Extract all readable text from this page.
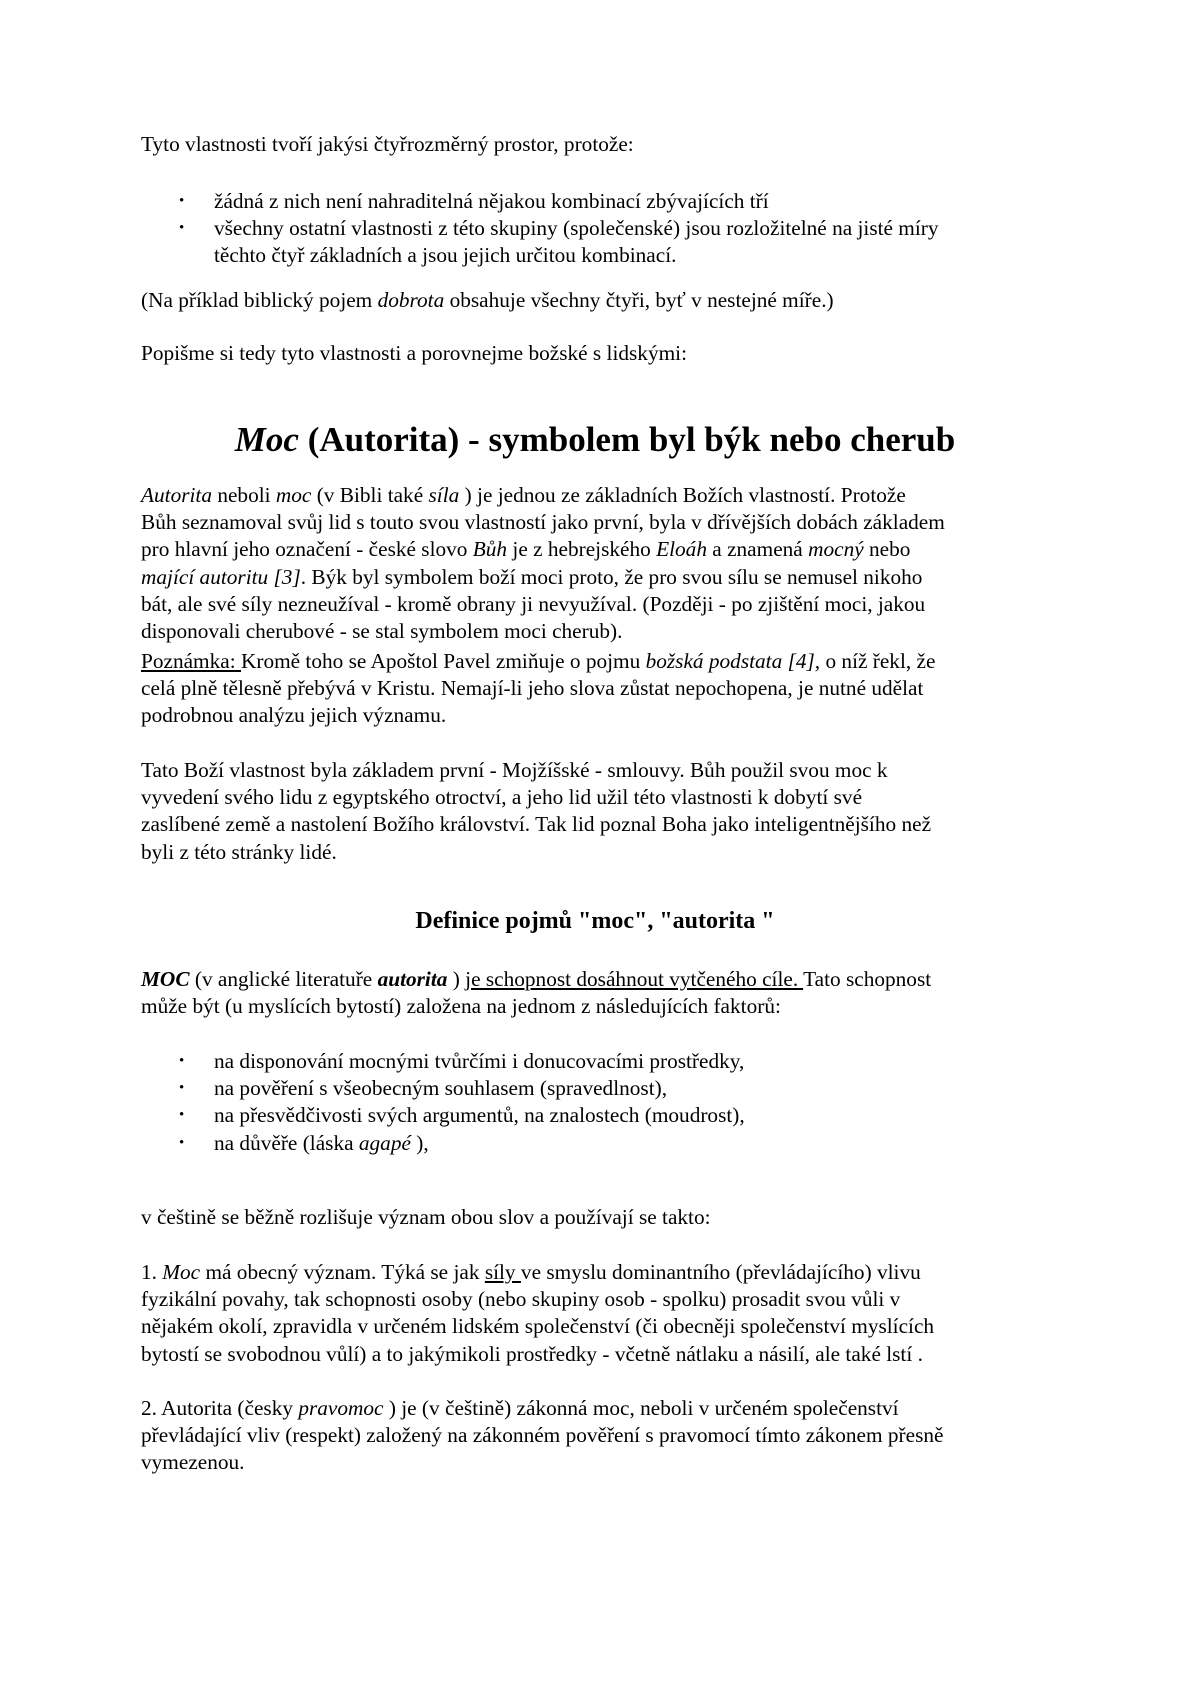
Tyto vlastnosti tvoří jakýsi čtyřrozměrný prostor, protože:
• žádná z nich není nahraditelná nějakou kombinací zbývajících tří
• všechny ostatní vlastnosti z této skupiny (společenské) jsou rozložitelné na jisté míry
těchto čtyř základních a jsou jejich určitou kombinací.
(Na příklad biblický pojem dobrota obsahuje všechny čtyři, byť v nestejné míře.)
Popišme si tedy tyto vlastnosti a porovnejme božské s lidskými:
Moc (Autorita) - symbolem byl býk nebo cherub
Autorita neboli moc (v Bibli také síla ) je jednou ze základních Božích vlastností. Protože
Bůh seznamoval svůj lid s touto svou vlastností jako první, byla v dřívějších dobách základem
pro hlavní jeho označení - české slovo Bůh je z hebrejského Eloáh a znamená mocný nebo
mající autoritu [3]. Býk byl symbolem boží moci proto, že pro svou sílu se nemusel nikoho
bát, ale své síly nezneužíval - kromě obrany ji nevyužíval. (Později - po zjištění moci, jakou
disponovali cherubové - se stal symbolem moci cherub).
Poznámka: Kromě toho se Apoštol Pavel zmiňuje o pojmu božská podstata [4], o níž řekl, že
celá plně tělesně přebývá v Kristu. Nemají-li jeho slova zůstat nepochopena, je nutné udělat
podrobnou analýzu jejich významu.
Tato Boží vlastnost byla základem první - Mojžíšské - smlouvy. Bůh použil svou moc k
vyvedení svého lidu z egyptského otroctví, a jeho lid užil této vlastnosti k dobytí své
zaslíbené země a nastolení Božího království. Tak lid poznal Boha jako inteligentnějšího než
byli z této stránky lidé.
Definice pojmů "moc", "autorita "
MOC (v anglické literatuře autorita ) je schopnost dosáhnout vytčeného cíle. Tato schopnost
může být (u myslících bytostí) založena na jednom z následujících faktorů:
• na disponování mocnými tvůrčími i donucovacími prostředky,
• na pověření s všeobecným souhlasem (spravedlnost),
• na přesvědčivosti svých argumentů, na znalostech (moudrost),
• na důvěře (láska agapé ),
v češtině se běžně rozlišuje význam obou slov a používají se takto:
1. Moc má obecný význam. Týká se jak síly ve smyslu dominantního (převládajícího) vlivu
fyzikální povahy, tak schopnosti osoby (nebo skupiny osob - spolku) prosadit svou vůli v
nějakém okolí, zpravidla v určeném lidském společenství (či obecněji společenství myslících
bytostí se svobodnou vůlí) a to jakýmikoli prostředky - včetně nátlaku a násilí, ale také lstí .
2. Autorita (česky pravomoc ) je (v češtině) zákonná moc, neboli v určeném společenství
převládající vliv (respekt) založený na zákonném pověření s pravomocí tímto zákonem přesně
vymezenou.
